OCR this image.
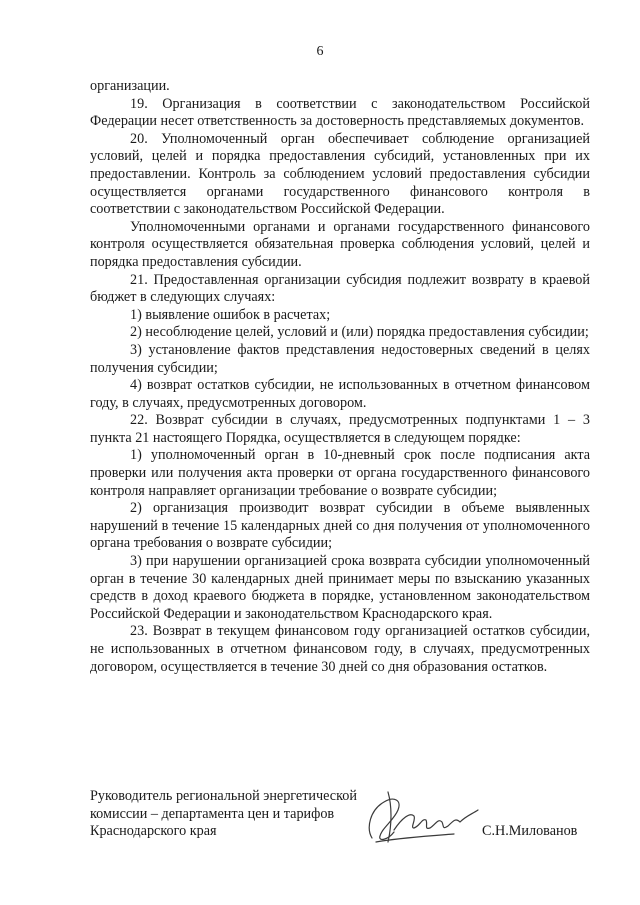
6

организации.

19. Организация в соответствии с законодательством Российской Федерации несет ответственность за достоверность представляемых документов.

20. Уполномоченный орган обеспечивает соблюдение организацией условий, целей и порядка предоставления субсидий, установленных при их предоставлении. Контроль за соблюдением условий предоставления субсидии осуществляется органами государственного финансового контроля в соответствии с законодательством Российской Федерации.

Уполномоченными органами и органами государственного финансового контроля осуществляется обязательная проверка соблюдения условий, целей и порядка предоставления субсидии.

21. Предоставленная организации субсидия подлежит возврату в краевой бюджет в следующих случаях:

1) выявление ошибок в расчетах;

2) несоблюдение целей, условий и (или) порядка предоставления субсидии;

3) установление фактов представления недостоверных сведений в целях получения субсидии;

4) возврат остатков субсидии, не использованных в отчетном финансовом году, в случаях, предусмотренных договором.

22. Возврат субсидии в случаях, предусмотренных подпунктами 1 – 3 пункта 21 настоящего Порядка, осуществляется в следующем порядке:

1) уполномоченный орган в 10-дневный срок после подписания акта проверки или получения акта проверки от органа государственного финансового контроля направляет организации требование о возврате субсидии;

2) организация производит возврат субсидии в объеме выявленных нарушений в течение 15 календарных дней со дня получения от уполномоченного органа требования о возврате субсидии;

3) при нарушении организацией срока возврата субсидии уполномоченный орган в течение 30 календарных дней принимает меры по взысканию указанных средств в доход краевого бюджета в порядке, установленном законодательством Российской Федерации и законодательством Краснодарского края.

23. Возврат в текущем финансовом году организацией остатков субсидии, не использованных в отчетном финансовом году, в случаях, предусмотренных договором, осуществляется в течение 30 дней со дня образования остатков.

Руководитель региональной энергетической
комиссии – департамента цен и тарифов
Краснодарского края	С.Н.Милованов
